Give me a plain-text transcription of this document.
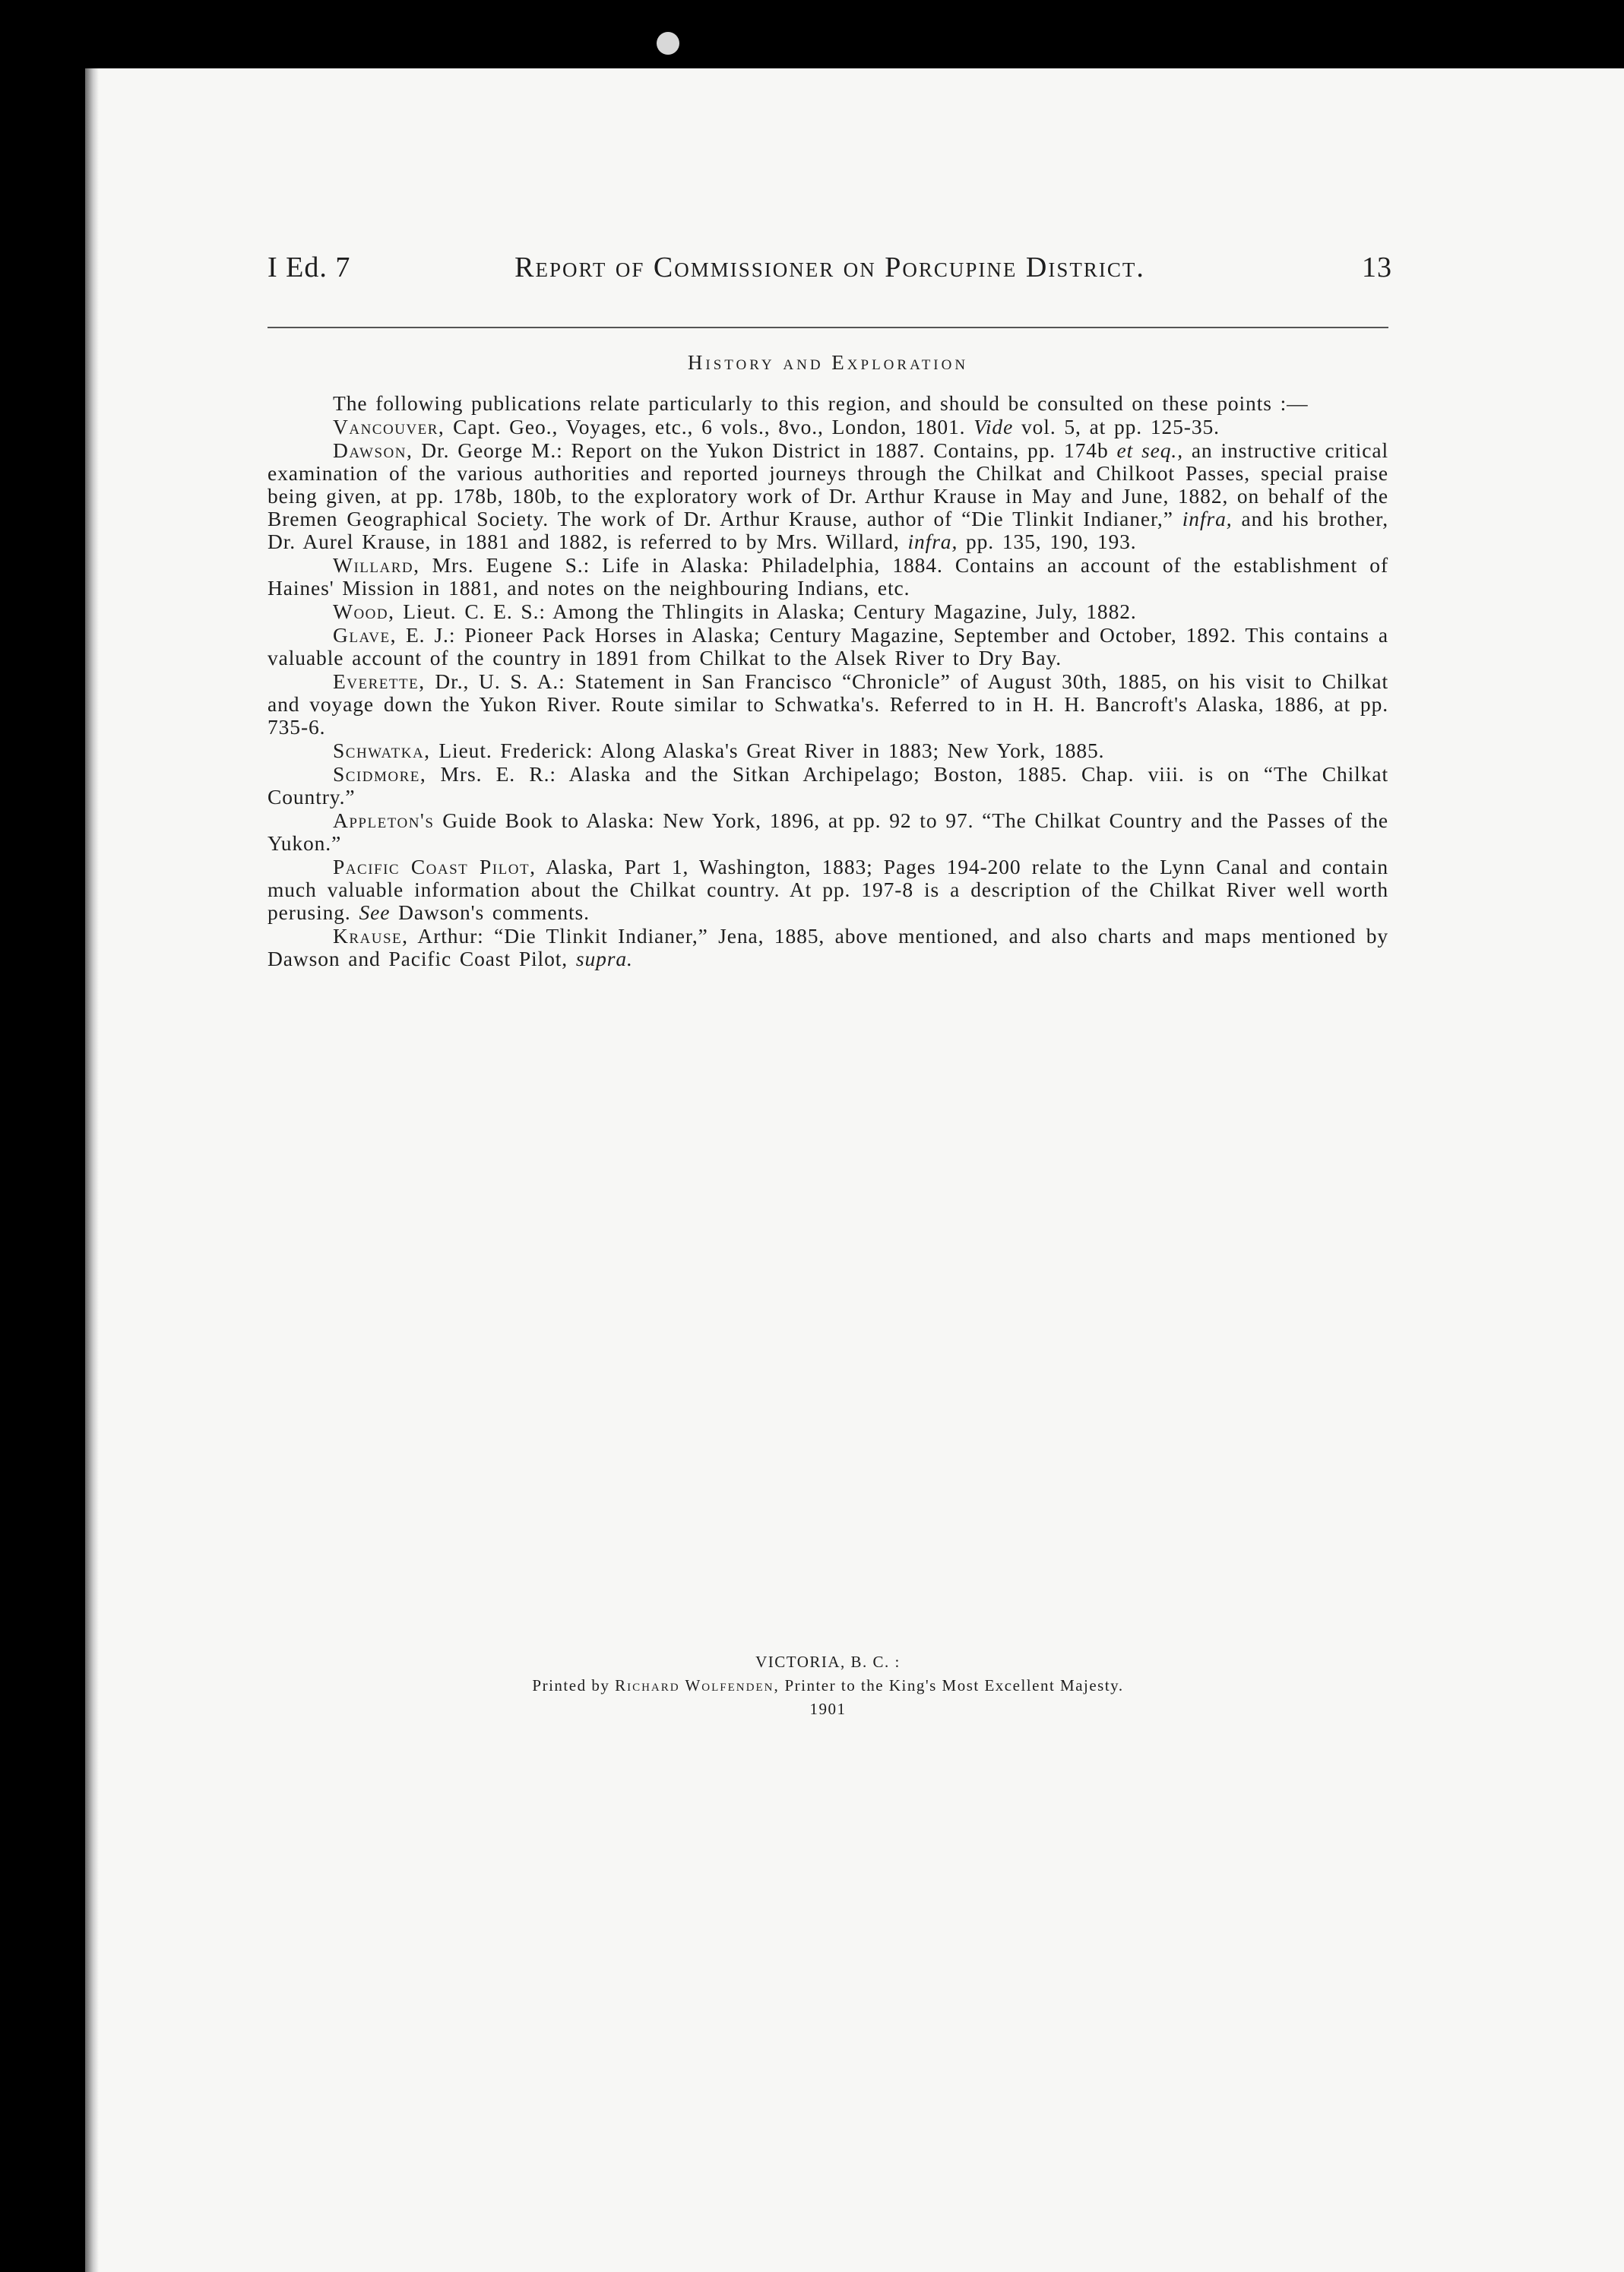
I Ed. 7	Report of Commissioner on Porcupine District.	13
History and Exploration

The following publications relate particularly to this region, and should be consulted on these points :—

Vancouver, Capt. Geo., Voyages, etc., 6 vols., 8vo., London, 1801. Vide vol. 5, at pp. 125-35.

Dawson, Dr. George M.: Report on the Yukon District in 1887. Contains, pp. 174b et seq., an instructive critical examination of the various authorities and reported journeys through the Chilkat and Chilkoot Passes, special praise being given, at pp. 178b, 180b, to the exploratory work of Dr. Arthur Krause in May and June, 1882, on behalf of the Bremen Geographical Society. The work of Dr. Arthur Krause, author of “Die Tlinkit Indianer,” infra, and his brother, Dr. Aurel Krause, in 1881 and 1882, is referred to by Mrs. Willard, infra, pp. 135, 190, 193.

Willard, Mrs. Eugene S.: Life in Alaska: Philadelphia, 1884. Contains an account of the establishment of Haines' Mission in 1881, and notes on the neighbouring Indians, etc.

Wood, Lieut. C. E. S.: Among the Thlingits in Alaska; Century Magazine, July, 1882.

Glave, E. J.: Pioneer Pack Horses in Alaska; Century Magazine, September and October, 1892. This contains a valuable account of the country in 1891 from Chilkat to the Alsek River to Dry Bay.

Everette, Dr., U. S. A.: Statement in San Francisco “Chronicle” of August 30th, 1885, on his visit to Chilkat and voyage down the Yukon River. Route similar to Schwatka's. Referred to in H. H. Bancroft's Alaska, 1886, at pp. 735-6.

Schwatka, Lieut. Frederick: Along Alaska's Great River in 1883; New York, 1885.

Scidmore, Mrs. E. R.: Alaska and the Sitkan Archipelago; Boston, 1885. Chap. viii. is on “The Chilkat Country.”

Appleton's Guide Book to Alaska: New York, 1896, at pp. 92 to 97. “The Chilkat Country and the Passes of the Yukon.”

Pacific Coast Pilot, Alaska, Part 1, Washington, 1883; Pages 194-200 relate to the Lynn Canal and contain much valuable information about the Chilkat country. At pp. 197-8 is a description of the Chilkat River well worth perusing. See Dawson's comments.

Krause, Arthur: “Die Tlinkit Indianer,” Jena, 1885, above mentioned, and also charts and maps mentioned by Dawson and Pacific Coast Pilot, supra.

VICTORIA, B. C. :
Printed by Richard Wolfenden, Printer to the King's Most Excellent Majesty.
1901
